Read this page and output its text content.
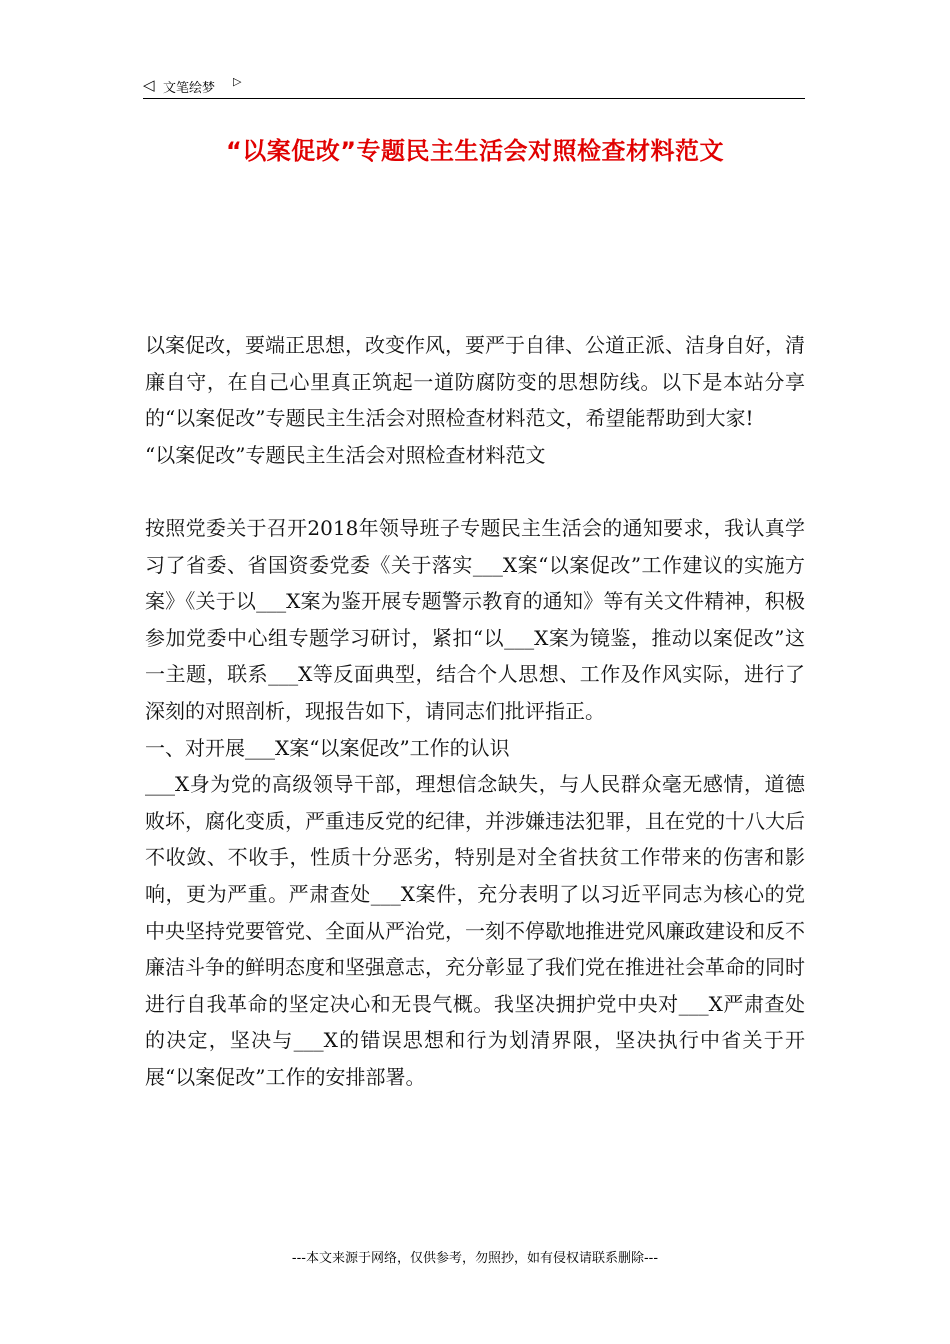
◁ 文笔绘梦 ▷
“以案促改”专题民主生活会对照检查材料范文

以案促改，要端正思想，改变作风，要严于自律、公道正派、洁身自好，清廉自守，在自己心里真正筑起一道防腐防变的思想防线。以下是本站分享的“以案促改”专题民主生活会对照检查材料范文，希望能帮助到大家!

“以案促改”专题民主生活会对照检查材料范文

按照党委关于召开2018年领导班子专题民主生活会的通知要求，我认真学习了省委、省国资委党委《关于落实___X案“以案促改”工作建议的实施方案》《关于以___X案为鉴开展专题警示教育的通知》等有关文件精神，积极参加党委中心组专题学习研讨，紧扣“以___X案为镜鉴，推动以案促改”这一主题，联系___X等反面典型，结合个人思想、工作及作风实际，进行了深刻的对照剖析，现报告如下，请同志们批评指正。

一、对开展___X案“以案促改”工作的认识

___X身为党的高级领导干部，理想信念缺失，与人民群众毫无感情，道德败坏，腐化变质，严重违反党的纪律，并涉嫌违法犯罪，且在党的十八大后不收敛、不收手，性质十分恶劣，特别是对全省扶贫工作带来的伤害和影响，更为严重。严肃查处___X案件，充分表明了以习近平同志为核心的党中央坚持党要管党、全面从严治党，一刻不停歇地推进党风廉政建设和反不廉洁斗争的鲜明态度和坚强意志，充分彰显了我们党在推进社会革命的同时进行自我革命的坚定决心和无畏气概。我坚决拥护党中央对___X严肃查处的决定，坚决与___X的错误思想和行为划清界限，坚决执行中省关于开展“以案促改”工作的安排部署。

---本文来源于网络，仅供参考，勿照抄，如有侵权请联系删除---
